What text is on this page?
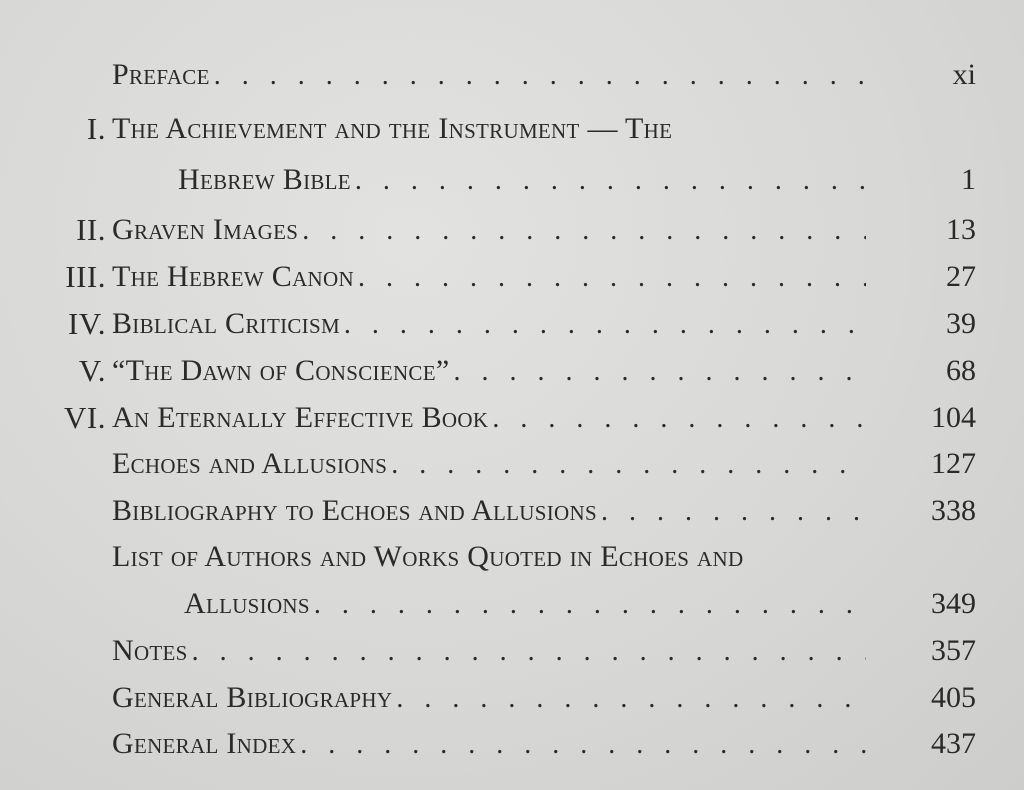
Preface . . .	xi
I. The Achievement and the Instrument — The
Hebrew Bible . . .	1
II. Graven Images . . .	13
III. The Hebrew Canon . . .	27
IV. Biblical Criticism . . .	39
V. “The Dawn of Conscience” . . .	68
VI. An Eternally Effective Book . . .	104
Echoes and Allusions . . .	127
Bibliography to Echoes and Allusions . . .	338
List of Authors and Works Quoted in Echoes and
Allusions . . .	349
Notes . . .	357
General Bibliography . . .	405
General Index . . .	437
